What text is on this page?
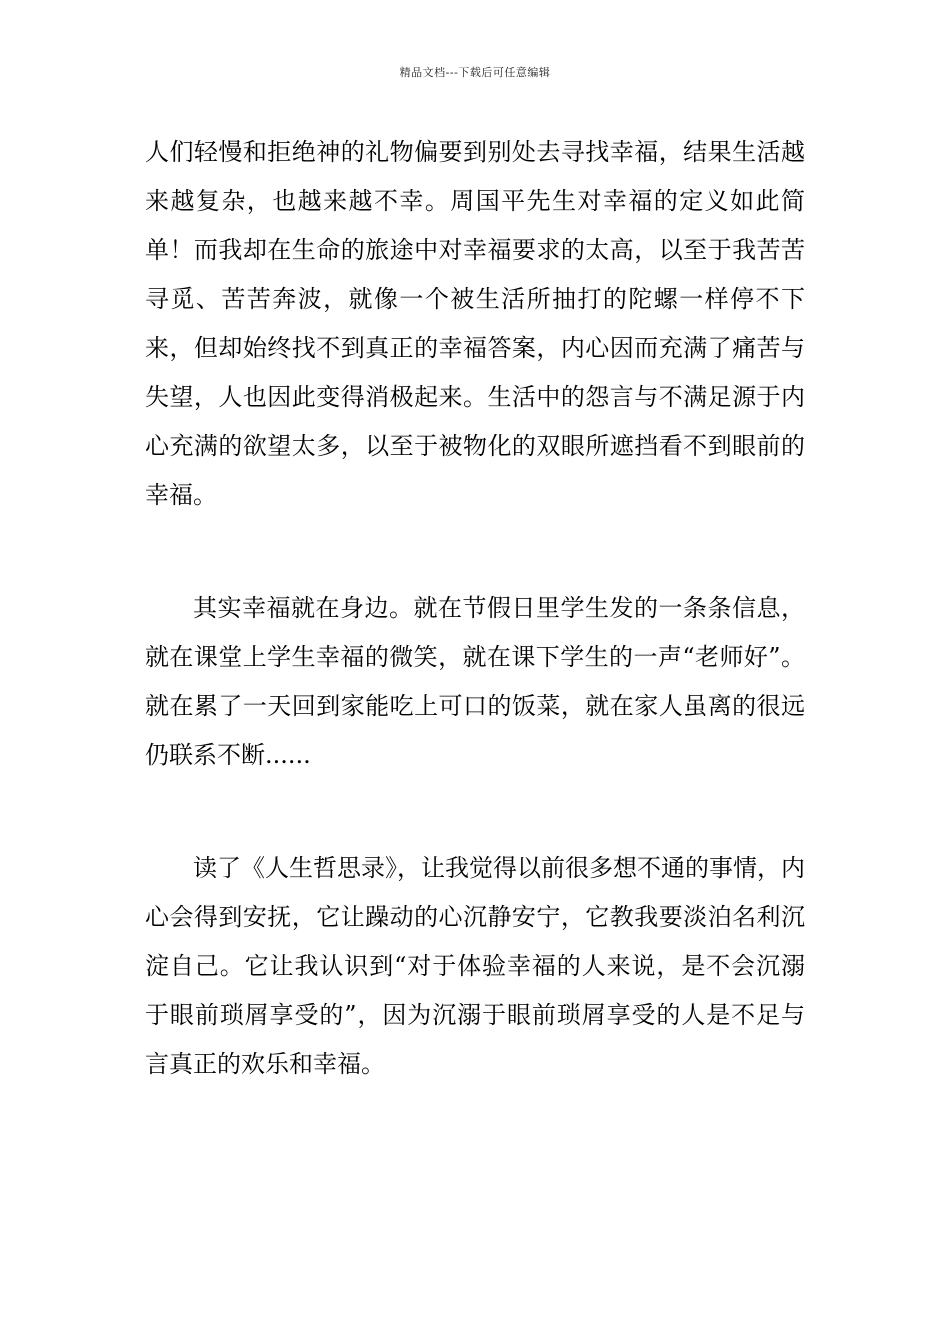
精品文档---下载后可任意编辑

人们轻慢和拒绝神的礼物偏要到别处去寻找幸福，结果生活越来越复杂，也越来越不幸。周国平先生对幸福的定义如此简单！而我却在生命的旅途中对幸福要求的太高，以至于我苦苦寻觅、苦苦奔波，就像一个被生活所抽打的陀螺一样停不下来，但却始终找不到真正的幸福答案，内心因而充满了痛苦与失望，人也因此变得消极起来。生活中的怨言与不满足源于内心充满的欲望太多，以至于被物化的双眼所遮挡看不到眼前的幸福。

其实幸福就在身边。就在节假日里学生发的一条条信息，就在课堂上学生幸福的微笑，就在课下学生的一声“老师好”。就在累了一天回到家能吃上可口的饭菜，就在家人虽离的很远仍联系不断......

读了《人生哲思录》，让我觉得以前很多想不通的事情，内心会得到安抚，它让躁动的心沉静安宁，它教我要淡泊名利沉淀自己。它让我认识到“对于体验幸福的人来说，是不会沉溺于眼前琐屑享受的”，因为沉溺于眼前琐屑享受的人是不足与言真正的欢乐和幸福。
